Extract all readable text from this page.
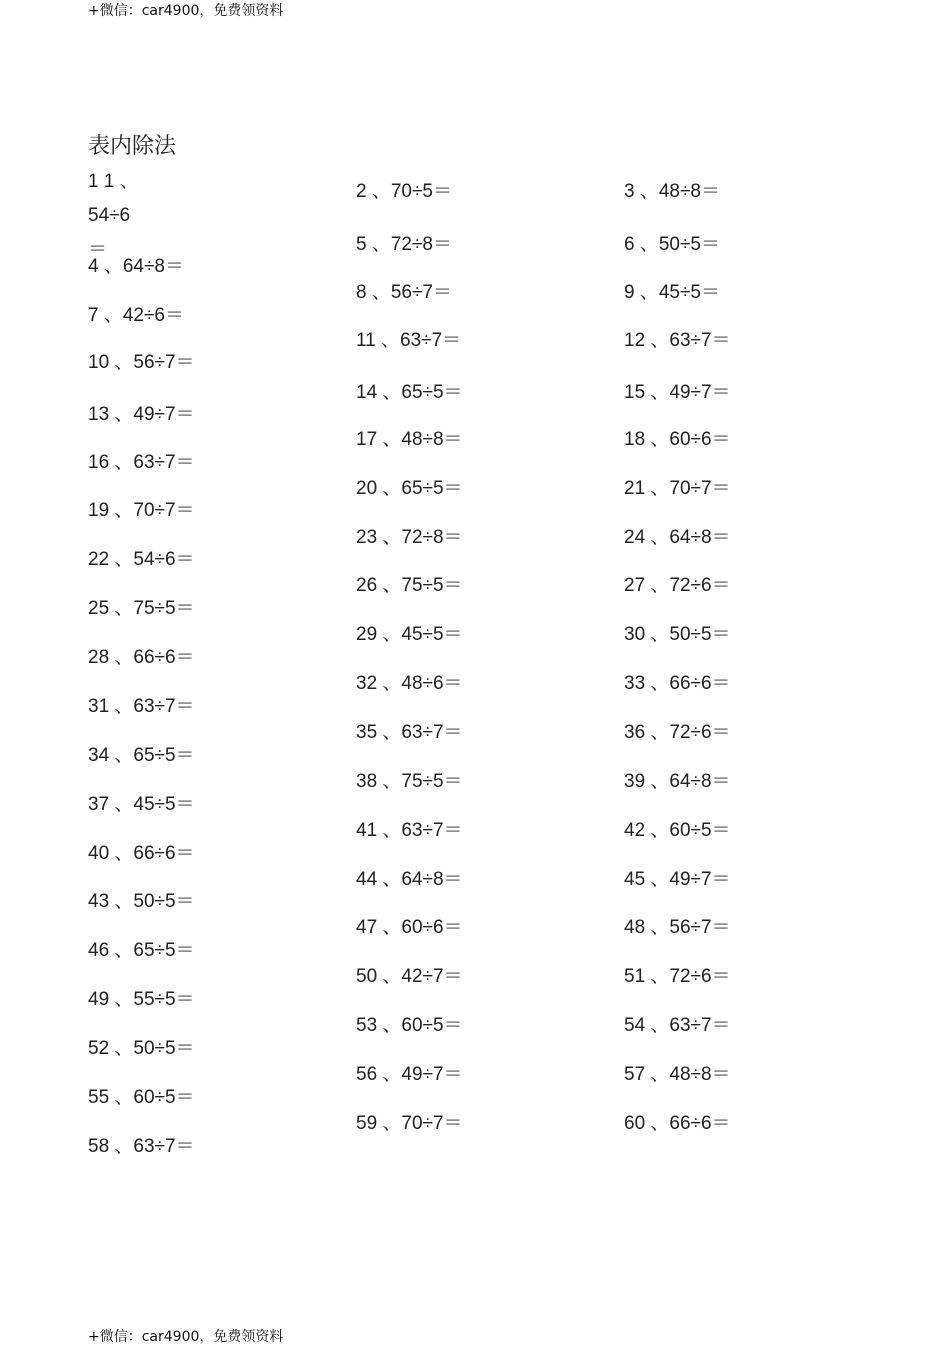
+微信：car4900，免费领资料
表内除法
1 1 、 54÷6＝
4 、64÷8＝
7 、42÷6＝
10 、56÷7＝
13 、49÷7＝
16 、63÷7＝
19 、70÷7＝
22 、54÷6＝
25 、75÷5＝
28 、66÷6＝
31 、63÷7＝
34 、65÷5＝
37 、45÷5＝
40 、66÷6＝
43 、50÷5＝
46 、65÷5＝
49 、55÷5＝
52 、50÷5＝
55 、60÷5＝
58 、63÷7＝
2 、70÷5＝
5 、72÷8＝
8 、56÷7＝
11 、63÷7＝
14 、65÷5＝
17 、48÷8＝
20 、65÷5＝
23 、72÷8＝
26 、75÷5＝
29 、45÷5＝
32 、48÷6＝
35 、63÷7＝
38 、75÷5＝
41 、63÷7＝
44 、64÷8＝
47 、60÷6＝
50 、42÷7＝
53 、60÷5＝
56 、49÷7＝
59 、70÷7＝
3 、48÷8＝
6 、50÷5＝
9 、45÷5＝
12 、63÷7＝
15 、49÷7＝
18 、60÷6＝
21 、70÷7＝
24 、64÷8＝
27 、72÷6＝
30 、50÷5＝
33 、66÷6＝
36 、72÷6＝
39 、64÷8＝
42 、60÷5＝
45 、49÷7＝
48 、56÷7＝
51 、72÷6＝
54 、63÷7＝
57 、48÷8＝
60 、66÷6＝
+微信：car4900，免费领资料
